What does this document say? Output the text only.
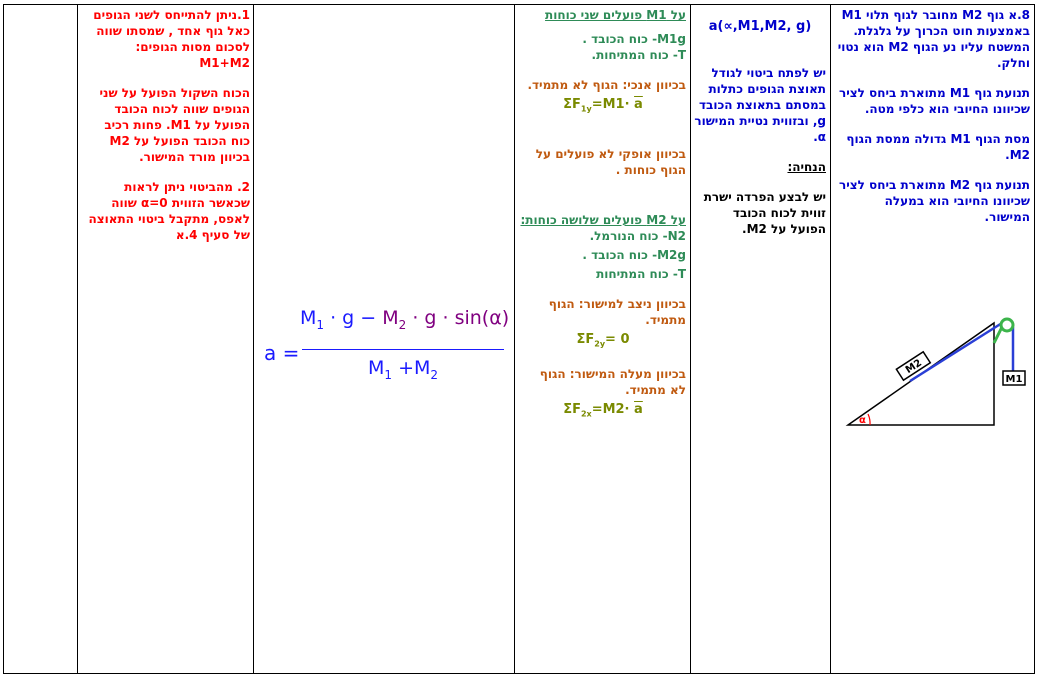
8.א גוף M2 מחובר לגוף תלוי M1 באמצעות חוט הכרוך על גלגלת.

המשטח עליו נע הגוף M2 הוא נטוי וחלק.

תנועת גוף M1 מתוארת ביחס לציר שכיוונו החיובי הוא כלפי מטה.

מסת הגוף M1 גדולה ממסת הגוף M2.

תנועת גוף M2 מתוארת ביחס לציר שכיוונו החיובי הוא במעלה המישור.

M2
M1
α

a(∝,M1,M2, g)

יש לפתח ביטוי לגודל תאוצת הגופים כתלות במסתם בתאוצת הכובד g, ובזווית נטיית המישור α.

הנחיה:

יש לבצע הפרדה ישרת זווית לכוח הכובד הפועל על M2.

על M1 פועלים שני כוחות

M1g- כוח הכובד .

T- כוח המתיחות.

בכיוון אנכי: הגוף לא מתמיד.

$\Sigma F_{1y}=M1\cdot \overline{a}$

בכיוון אופקי לא פועלים על הגוף כוחות .

על M2 פועלים שלושה כוחות:

N2- כוח הנורמל.

M2g- כוח הכובד .

T- כוח המתיחות

בכיוון ניצב למישור: הגוף מתמיד.

$\Sigma F_{2y}= 0$

בכיוון מעלה המישור: הגוף לא מתמיד.

$\Sigma F_{2x}=M2\cdot \overline{a}$

a =
$M_1 \cdot g - M_2 \cdot g \cdot \sin(\alpha)$
$M_1 +M_2$

1.ניתן להתייחס לשני הגופים כאל גוף אחד , שמסתו שווה לסכום מסות הגופים: M1+M2

הכוח השקול הפועל על שני הגופים שווה לכוח הכובד הפועל על M1. פחות רכיב כוח הכובד הפועל על M2 בכיוון מורד המישור.

2. מהביטוי ניתן לראות שכאשר הזווית α=0 שווה לאפס, מתקבל ביטוי התאוצה של סעיף 4.א
